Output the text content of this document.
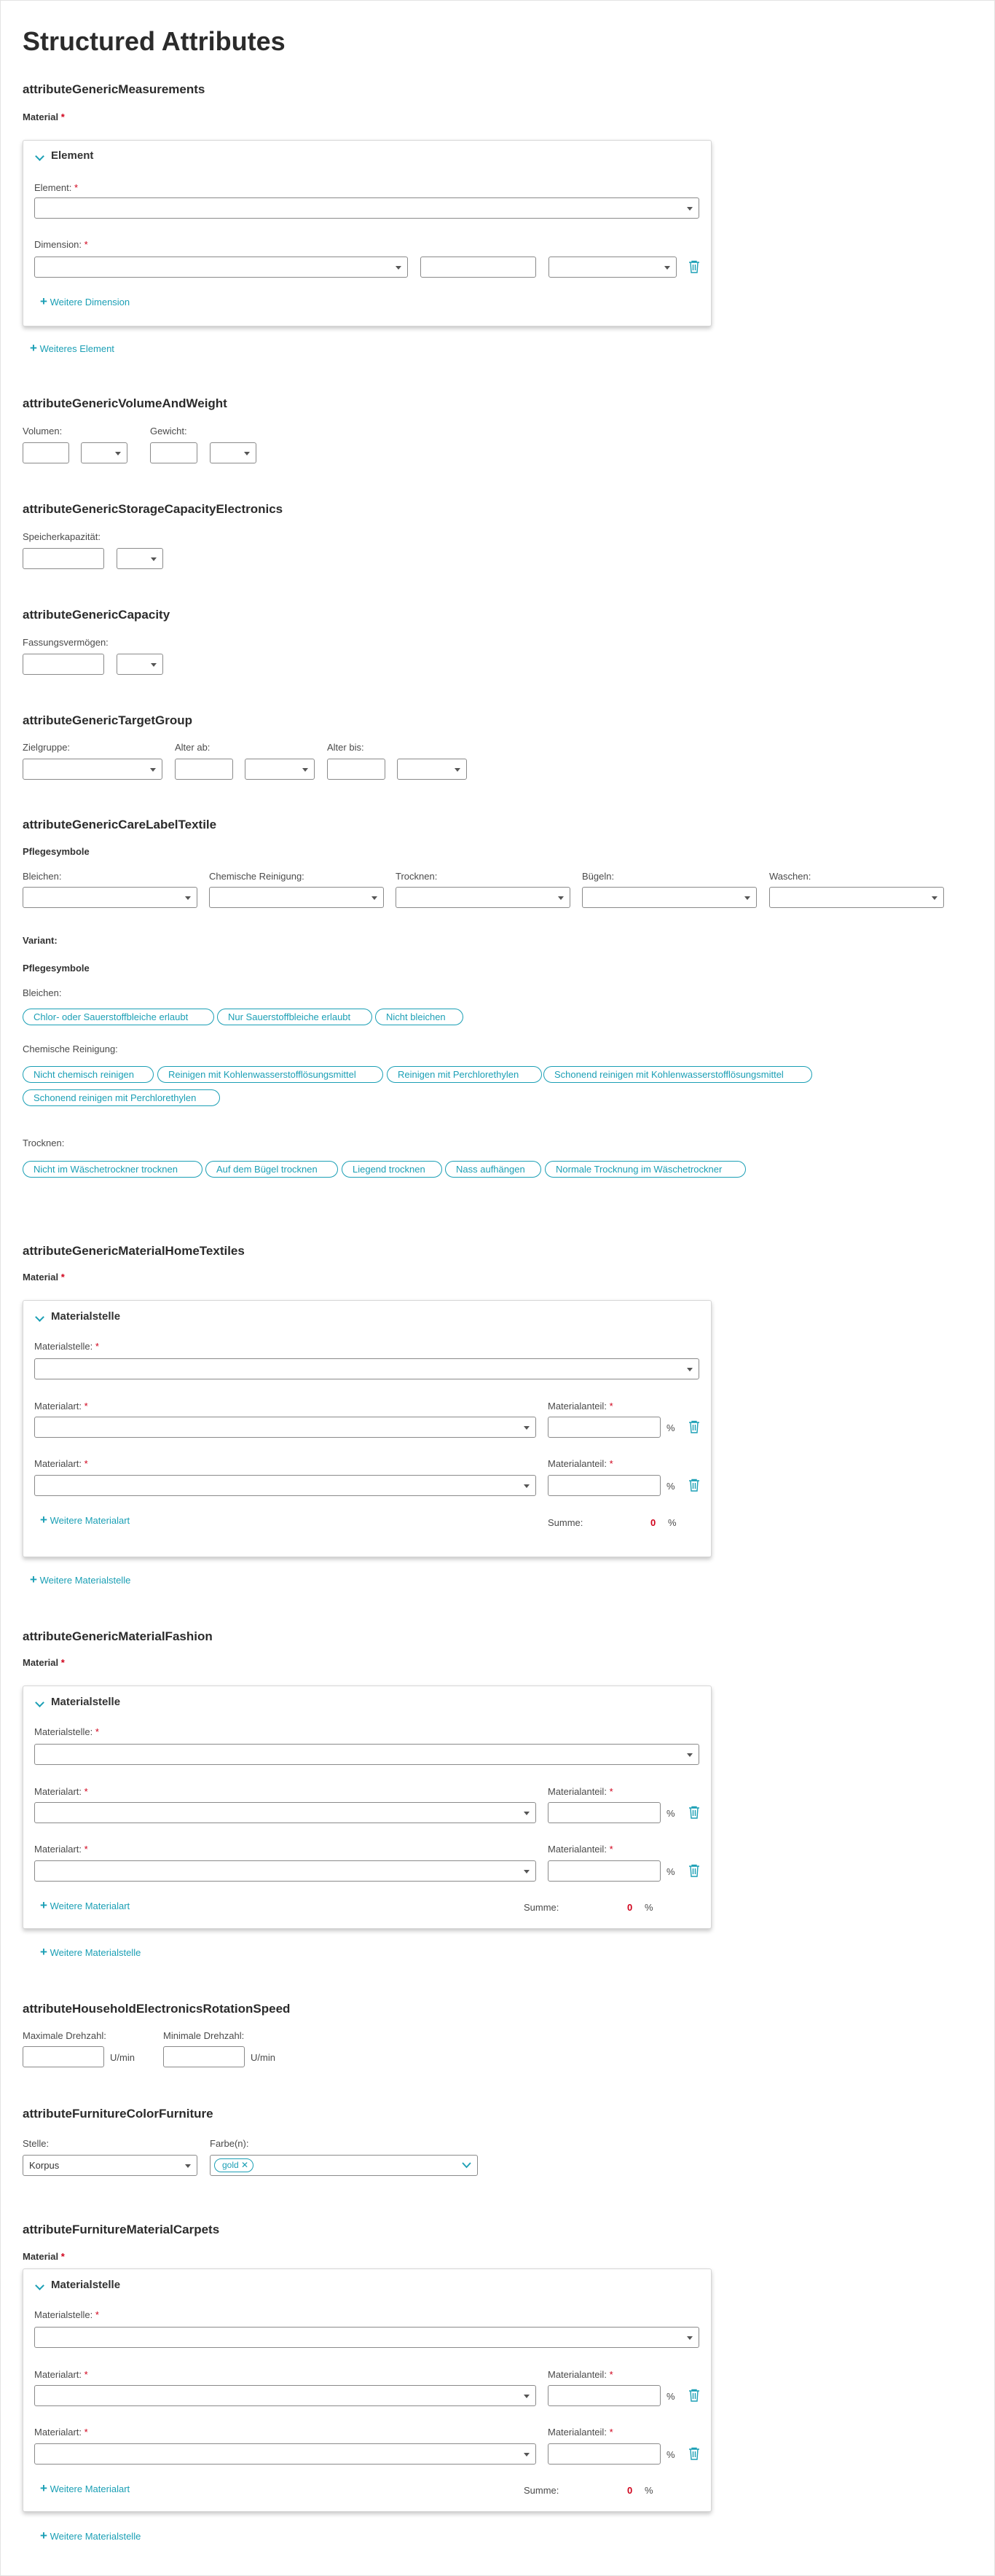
Structured Attributes
attributeGenericMeasurements
Material *
Element
Element: *
Dimension: *
+ Weitere Dimension
+ Weiteres Element
attributeGenericVolumeAndWeight
Volumen:	Gewicht:
attributeGenericStorageCapacityElectronics
Speicherkapazität:
attributeGenericCapacity
Fassungsvermögen:
attributeGenericTargetGroup
Zielgruppe:	Alter ab:	Alter bis:
attributeGenericCareLabelTextile
Pflegesymbole
Bleichen:	Chemische Reinigung:	Trocknen:	Bügeln:	Waschen:
Variant:
Pflegesymbole
Bleichen:
Chlor- oder Sauerstoffbleiche erlaubt	Nur Sauerstoffbleiche erlaubt	Nicht bleichen
Chemische Reinigung:
Nicht chemisch reinigen	Reinigen mit Kohlenwasserstofflösungsmittel	Reinigen mit Perchlorethylen	Schonend reinigen mit Kohlenwasserstofflösungsmittel
Schonend reinigen mit Perchlorethylen
Trocknen:
Nicht im Wäschetrockner trocknen	Auf dem Bügel trocknen	Liegend trocknen	Nass aufhängen	Normale Trocknung im Wäschetrockner
attributeGenericMaterialHomeTextiles
Material *
Materialstelle
Materialstelle: *
Materialart: *	Materialanteil: *
%
Materialart: *	Materialanteil: *
%
+ Weitere Materialart	Summe:	0 %
+ Weitere Materialstelle
attributeGenericMaterialFashion
Material *
Materialstelle
Materialstelle: *
Materialart: *	Materialanteil: *
%
Materialart: *	Materialanteil: *
%
+ Weitere Materialart	Summe:	0 %
+ Weitere Materialstelle
attributeHouseholdElectronicsRotationSpeed
Maximale Drehzahl:	Minimale Drehzahl:
U/min	U/min
attributeFurnitureColorFurniture
Stelle:	Farbe(n):
Korpus	gold ✕
attributeFurnitureMaterialCarpets
Material *
Materialstelle
Materialstelle: *
Materialart: *	Materialanteil: *
%
Materialart: *	Materialanteil: *
%
+ Weitere Materialart	Summe:	0 %
+ Weitere Materialstelle
